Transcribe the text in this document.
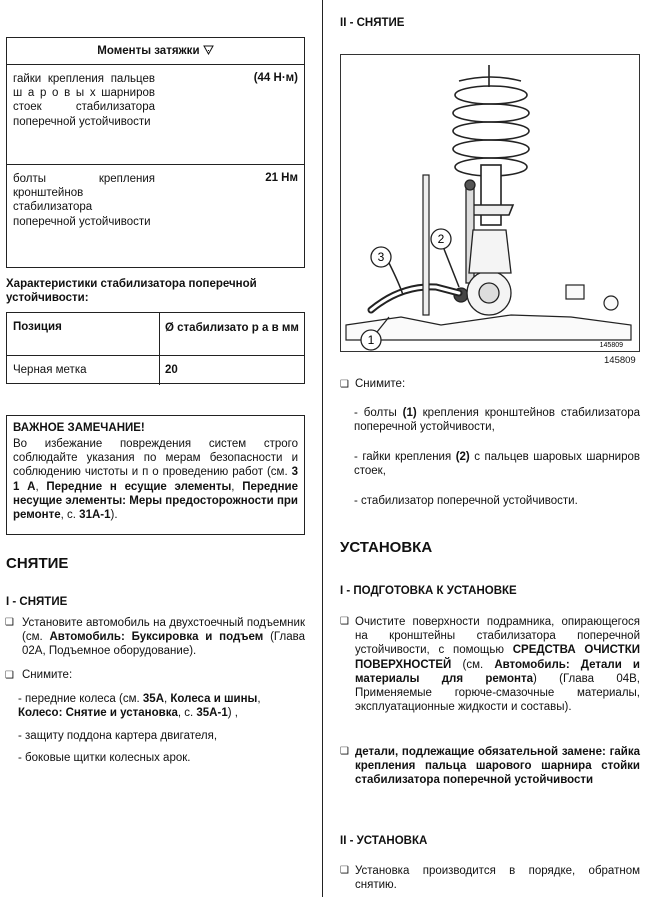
Моменты затяжки
гайки крепления пальцев ш а р о в ы х шарниров стоек стабилизатора поперечной устойчивости
(44 Н·м)
болты крепления кронштейнов стабилизатора поперечной устойчивости
21 Нм
Характеристики стабилизатора поперечной устойчивости:
Позиция	Ø стабилизато р а в мм
Черная метка	20
ВАЖНОЕ ЗАМЕЧАНИЕ!
Во избежание повреждения систем строго соблюдайте указания по мерам безопасности и соблюдению чистоты и п о проведению работ (см. 3 1 А, Передние н есущие элементы, Передние несущие элементы: Меры предосторожности при ремонте, с. 31A-1).
СНЯТИЕ
I - СНЯТИЕ
❑ Установите автомобиль на двухстоечный подъемник (см. Автомобиль: Буксировка и подъем (Глава 02A, Подъемное оборудование).
❑ Снимите:
- передние колеса (см. 35A, Колеса и шины, Колесо: Снятие и установка, с. 35A-1) ,
- защиту поддона картера двигателя,
- боковые щитки колесных арок.
II - СНЯТИЕ
1
2
3
145809
145809
❑ Снимите:
- болты (1) крепления кронштейнов стабилизатора поперечной устойчивости,
- гайки крепления (2) с пальцев шаровых шарниров стоек,
- стабилизатор поперечной устойчивости.
УСТАНОВКА
I - ПОДГОТОВКА К УСТАНОВКЕ
❑ Очистите поверхности подрамника, опирающегося на кронштейны стабилизатора поперечной устойчивости, с помощью СРЕДСТВА ОЧИСТКИ ПОВЕРХНОСТЕЙ (см. Автомобиль: Детали и материалы для ремонта) (Глава 04B, Применяемые горюче-смазочные материалы, эксплуатационные жидкости и составы).
❑ детали, подлежащие обязательной замене: гайка крепления пальца шарового шарнира стойки стабилизатора поперечной устойчивости
II - УСТАНОВКА
❑ Установка производится в порядке, обратном снятию.
